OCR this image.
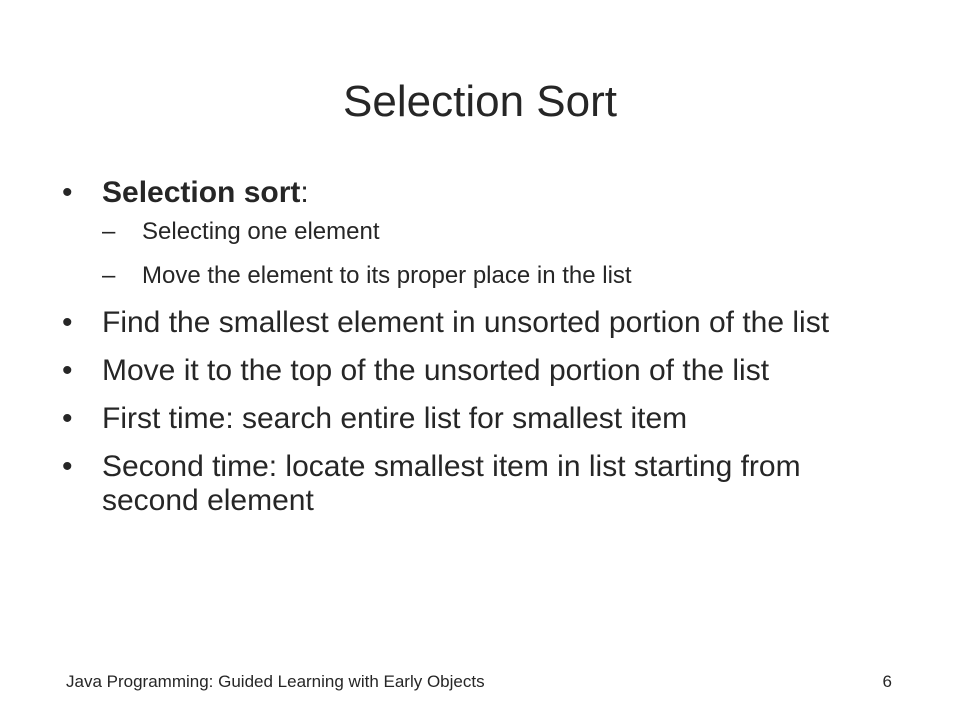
Selection Sort
• Selection sort:
– Selecting one element
– Move the element to its proper place in the list
• Find the smallest element in unsorted portion of the list
• Move it to the top of the unsorted portion of the list
• First time: search entire list for smallest item
• Second time: locate smallest item in list starting from second element
Java Programming: Guided Learning with Early Objects	6
